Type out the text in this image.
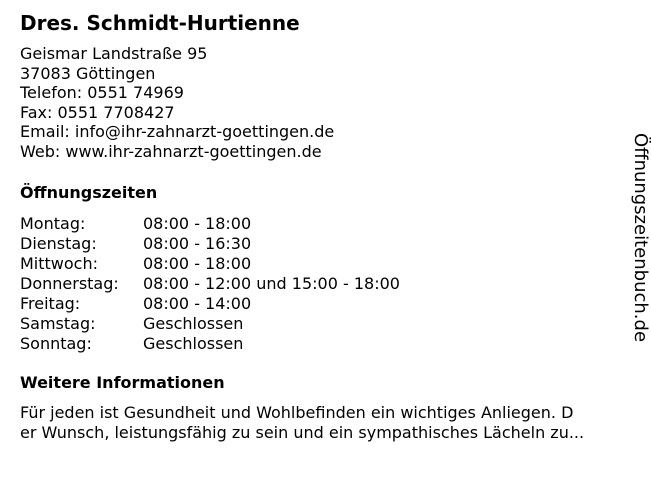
Dres. Schmidt-Hurtienne
Geismar Landstraße 95
37083 Göttingen
Telefon: 0551 74969
Fax: 0551 7708427
Email: info@ihr-zahnarzt-goettingen.de
Web: www.ihr-zahnarzt-goettingen.de
Öffnungszeiten
Montag:	08:00 - 18:00
Dienstag:	08:00 - 16:30
Mittwoch:	08:00 - 18:00
Donnerstag:	08:00 - 12:00 und 15:00 - 18:00
Freitag:	08:00 - 14:00
Samstag:	Geschlossen
Sonntag:	Geschlossen
Weitere Informationen
Für jeden ist Gesundheit und Wohlbefinden ein wichtiges Anliegen. D
er Wunsch, leistungsfähig zu sein und ein sympathisches Lächeln zu...
Öffnungszeitenbuch.de
